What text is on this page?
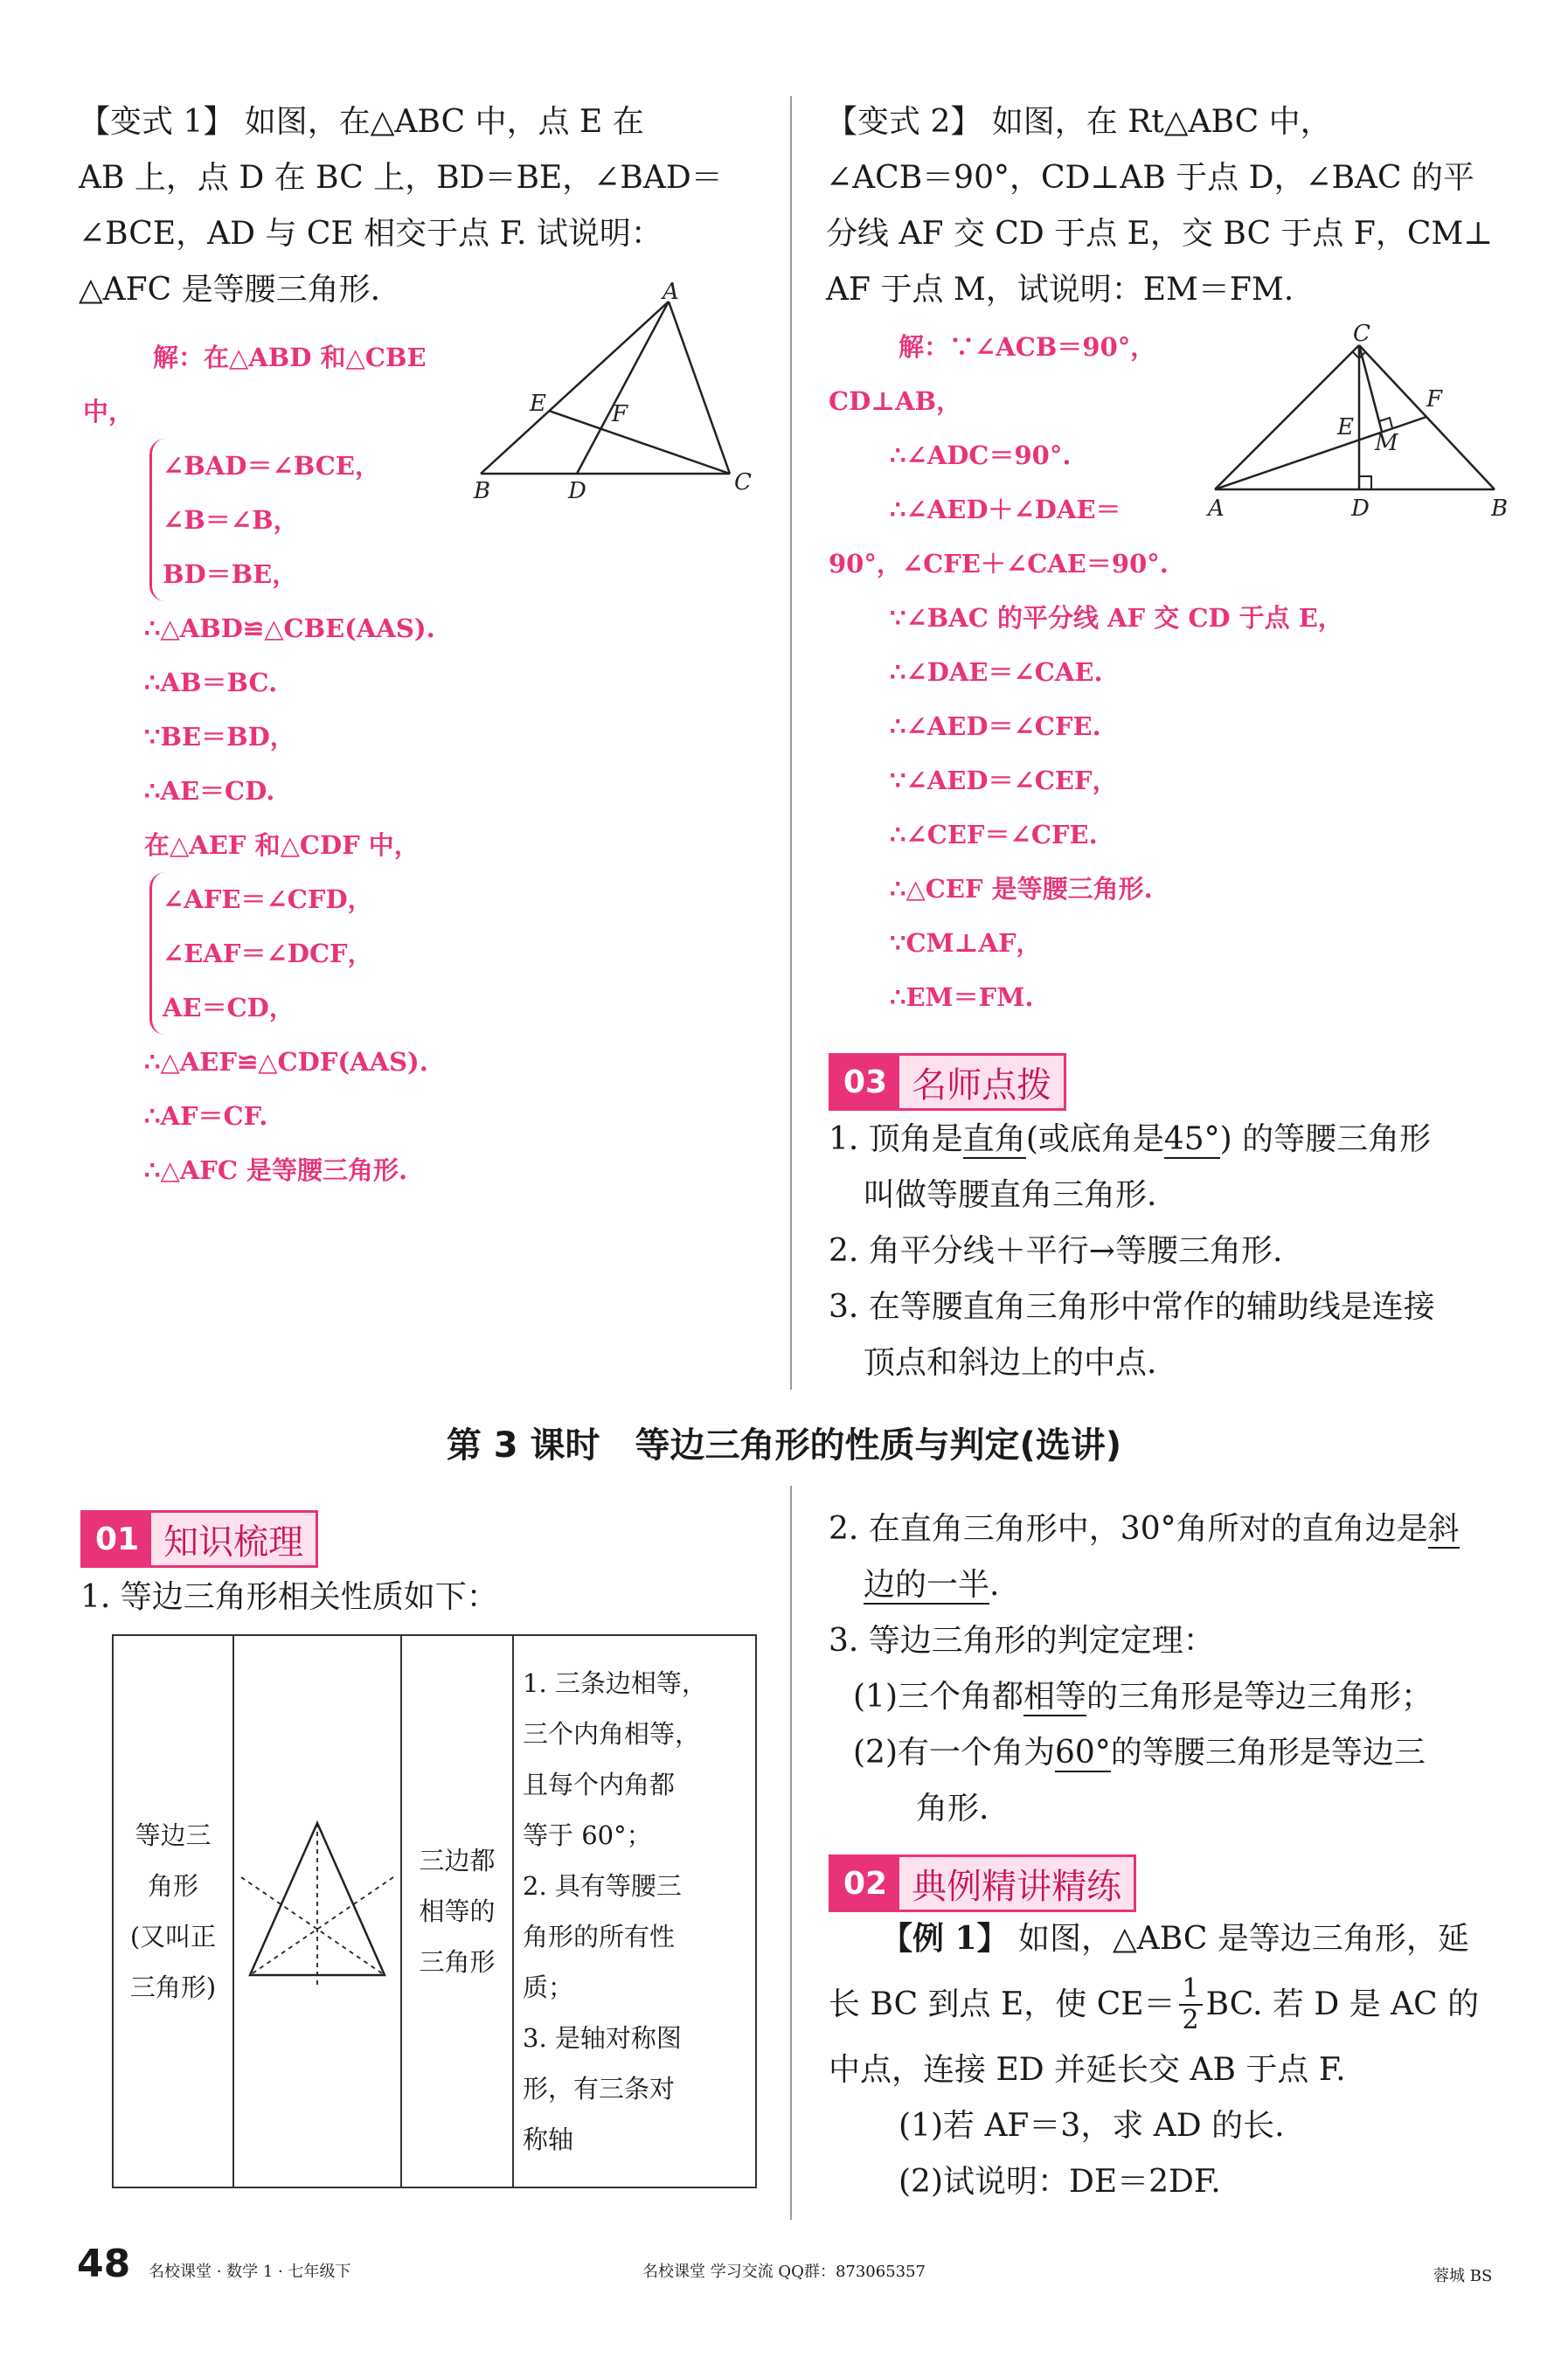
【变式 1】 如图，在△ABC 中，点 E 在
AB 上，点 D 在 BC 上，BD＝BE，∠BAD＝
∠BCE，AD 与 CE 相交于点 F. 试说明：
△AFC 是等腰三角形.
解：在△ABD 和△CBE
中，
∠BAD＝∠BCE，
∠B＝∠B，
BD＝BE，
∴△ABD≌△CBE(AAS).
∴AB＝BC.
∵BE＝BD，
∴AE＝CD.
在△AEF 和△CDF 中，
∠AFE＝∠CFD，
∠EAF＝∠DCF，
AE＝CD，
∴△AEF≌△CDF(AAS).
∴AF＝CF.
∴△AFC 是等腰三角形.
A
E	F
B	D	C
【变式 2】 如图，在 Rt△ABC 中，
∠ACB＝90°，CD⊥AB 于点 D，∠BAC 的平
分线 AF 交 CD 于点 E，交 BC 于点 F，CM⊥
AF 于点 M，试说明：EM＝FM.
解：∵∠ACB＝90°，
CD⊥AB，
∴∠ADC＝90°.
∴∠AED＋∠DAE＝
90°，∠CFE＋∠CAE＝90°.
∵∠BAC 的平分线 AF 交 CD 于点 E，
∴∠DAE＝∠CAE.
∴∠AED＝∠CFE.
∵∠AED＝∠CEF，
∴∠CEF＝∠CFE.
∴△CEF 是等腰三角形.
∵CM⊥AF，
∴EM＝FM.
C
F
E
M
A	D	B
03 名师点拨
1. 顶角是直角(或底角是45°) 的等腰三角形
叫做等腰直角三角形.
2. 角平分线＋平行→等腰三角形.
3. 在等腰直角三角形中常作的辅助线是连接
顶点和斜边上的中点.
第 3 课时　等边三角形的性质与判定(选讲)
01 知识梳理
1. 等边三角形相关性质如下：
等边三
角形
(又叫正
三角形)

三边都
相等的
三角形

1. 三条边相等，
三个内角相等，
且每个内角都
等于 60°；
2. 具有等腰三
角形的所有性
质；
3. 是轴对称图
形，有三条对
称轴
2. 在直角三角形中，30°角所对的直角边是斜
边的一半.
3. 等边三角形的判定定理：
(1)三个角都相等的三角形是等边三角形；
(2)有一个角为60°的等腰三角形是等边三
角形.
02 典例精讲精练
【例 1】 如图，△ABC 是等边三角形，延
长 BC 到点 E，使 $CE= \frac{1}{2}$ BC. 若 D 是 AC 的
中点，连接 ED 并延长交 AB 于点 F.
(1)若 AF＝3，求 AD 的长.
(2)试说明：DE＝2DF.
48 名校课堂 · 数学 1 · 七年级下	名校课堂 学习交流 QQ群：873065357	蓉城 BS
